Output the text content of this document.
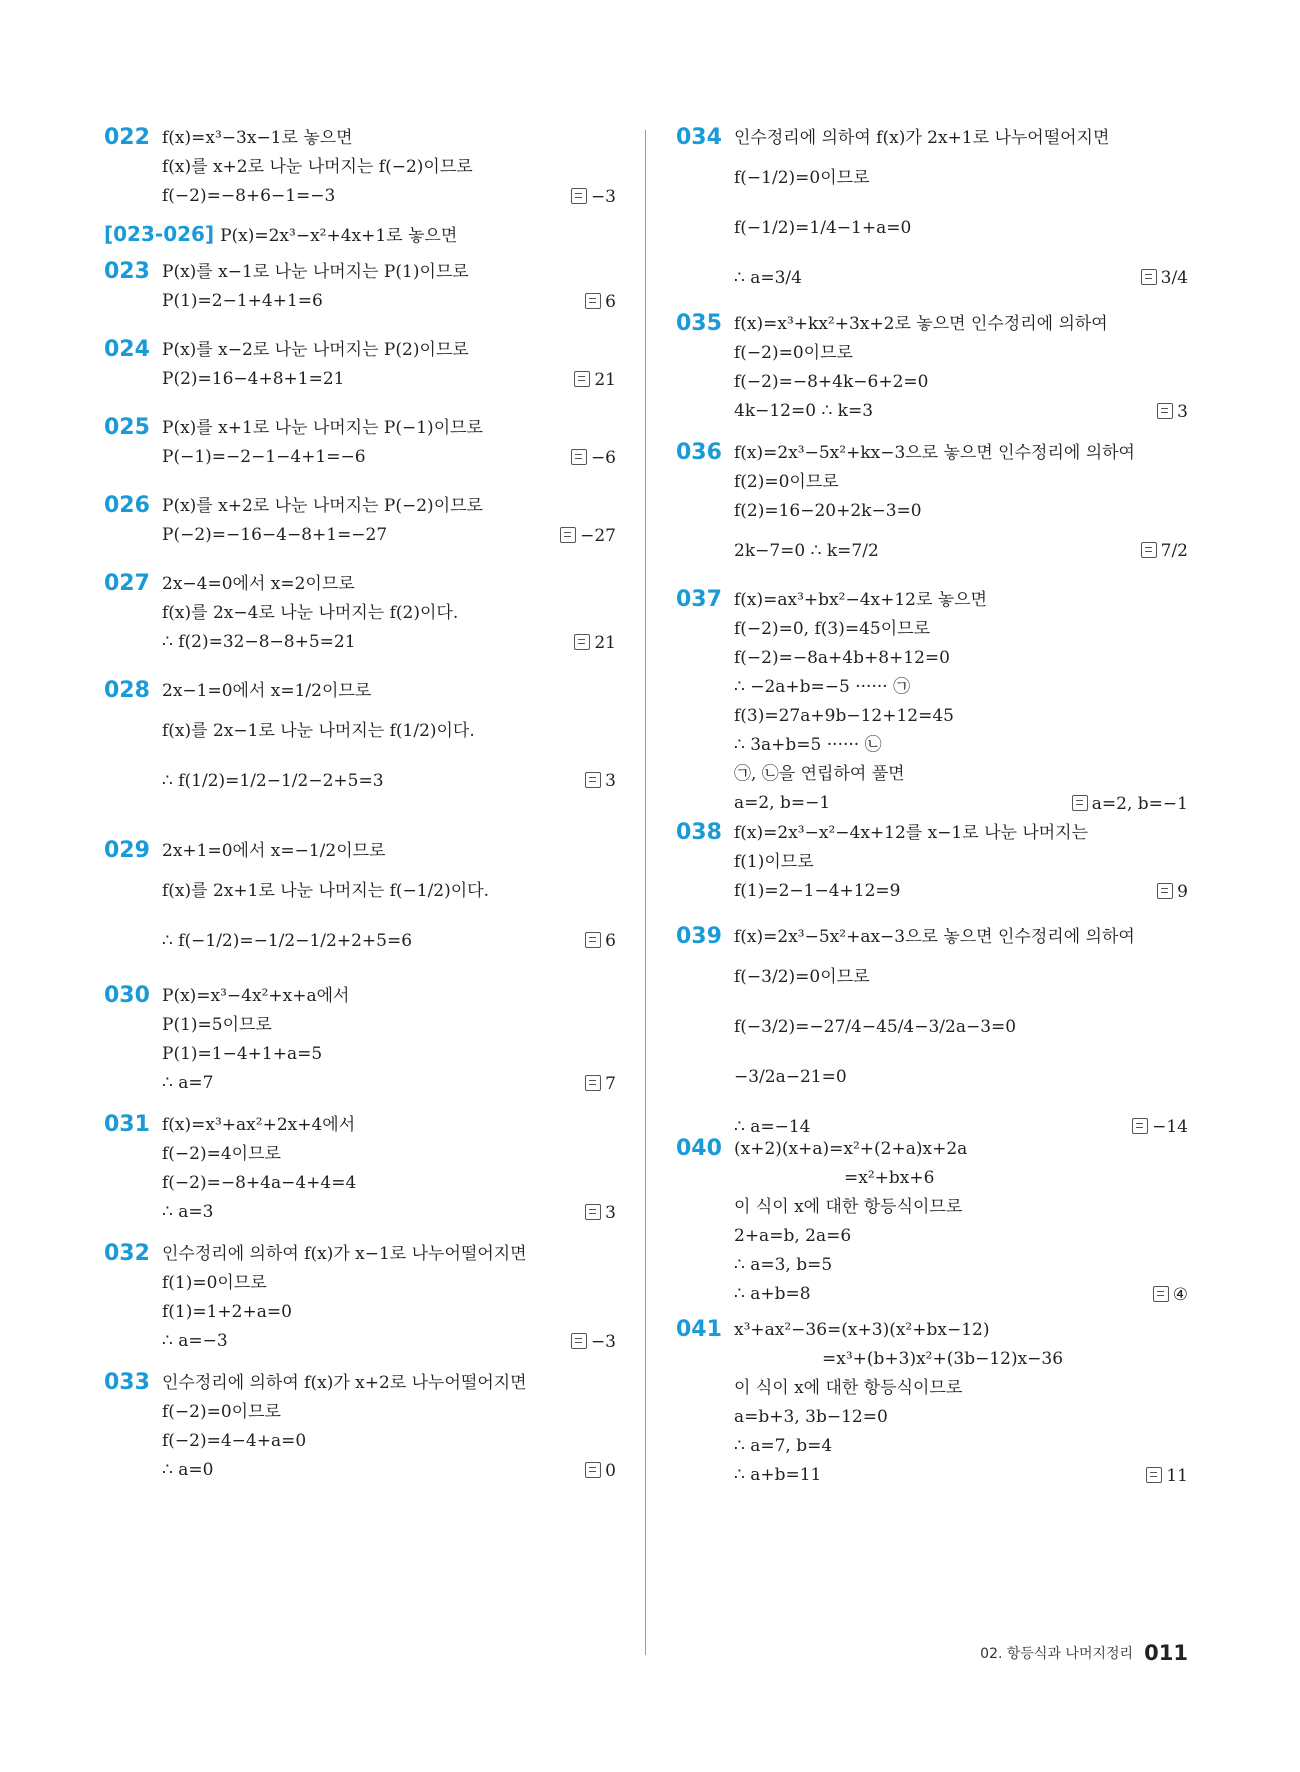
[023-026] P(x)=2x³−x²+4x+1로 놓으면
022 f(x)=x³−3x−1로 놓으면
f(x)를 x+2로 나눈 나머지는 f(−2)이므로
f(−2)=−8+6−1=−3	−3
023 P(x)를 x−1로 나눈 나머지는 P(1)이므로
P(1)=2−1+4+1=6	6
024 P(x)를 x−2로 나눈 나머지는 P(2)이므로
P(2)=16−4+8+1=21	21
025 P(x)를 x+1로 나눈 나머지는 P(−1)이므로
P(−1)=−2−1−4+1=−6	−6
026 P(x)를 x+2로 나눈 나머지는 P(−2)이므로
P(−2)=−16−4−8+1=−27	−27
027 2x−4=0에서 x=2이므로
f(x)를 2x−4로 나눈 나머지는 f(2)이다.
∴ f(2)=32−8−8+5=21	21
028 2x−1=0에서 x=1/2이므로
f(x)를 2x−1로 나눈 나머지는 f(1/2)이다.
∴ f(1/2)=1/2−1/2−2+5=3	3
029 2x+1=0에서 x=−1/2이므로
f(x)를 2x+1로 나눈 나머지는 f(−1/2)이다.
∴ f(−1/2)=−1/2−1/2+2+5=6	6
030 P(x)=x³−4x²+x+a에서
P(1)=5이므로
P(1)=1−4+1+a=5
∴ a=7	7
031 f(x)=x³+ax²+2x+4에서
f(−2)=4이므로
f(−2)=−8+4a−4+4=4
∴ a=3	3
032 인수정리에 의하여 f(x)가 x−1로 나누어떨어지면
f(1)=0이므로
f(1)=1+2+a=0
∴ a=−3	−3
033 인수정리에 의하여 f(x)가 x+2로 나누어떨어지면
f(−2)=0이므로
f(−2)=4−4+a=0
∴ a=0	0
034 인수정리에 의하여 f(x)가 2x+1로 나누어떨어지면
f(−1/2)=0이므로
f(−1/2)=1/4−1+a=0
∴ a=3/4	3/4
035 f(x)=x³+kx²+3x+2로 놓으면 인수정리에 의하여
f(−2)=0이므로
f(−2)=−8+4k−6+2=0
4k−12=0 ∴ k=3	3
036 f(x)=2x³−5x²+kx−3으로 놓으면 인수정리에 의하여
f(2)=0이므로
f(2)=16−20+2k−3=0
2k−7=0 ∴ k=7/2	7/2
037 f(x)=ax³+bx²−4x+12로 놓으면
f(−2)=0, f(3)=45이므로
f(−2)=−8a+4b+8+12=0
∴ −2a+b=−5 ······ ㉠
f(3)=27a+9b−12+12=45
∴ 3a+b=5 ······ ㉡
㉠, ㉡을 연립하여 풀면
a=2, b=−1	a=2, b=−1
038 f(x)=2x³−x²−4x+12를 x−1로 나눈 나머지는
f(1)이므로
f(1)=2−1−4+12=9	9
039 f(x)=2x³−5x²+ax−3으로 놓으면 인수정리에 의하여
f(−3/2)=0이므로
f(−3/2)=−27/4−45/4−3/2a−3=0
−3/2a−21=0
∴ a=−14	−14
040 (x+2)(x+a)=x²+(2+a)x+2a
=x²+bx+6
이 식이 x에 대한 항등식이므로
2+a=b, 2a=6
∴ a=3, b=5
∴ a+b=8	④
041 x³+ax²−36=(x+3)(x²+bx−12)
=x³+(b+3)x²+(3b−12)x−36
이 식이 x에 대한 항등식이므로
a=b+3, 3b−12=0
∴ a=7, b=4
∴ a+b=11	11
02. 항등식과 나머지정리 011
